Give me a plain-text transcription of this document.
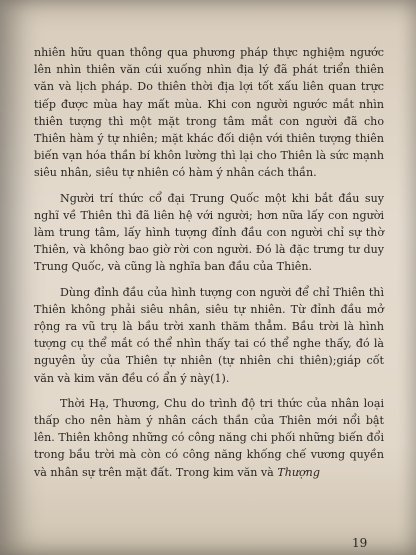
nhiên hữu quan thông qua phương pháp thực nghiệm ngước lên nhìn thiên văn cúi xuống nhìn địa lý đã phát triển thiên văn và lịch pháp. Do thiên thời địa lợi tốt xấu liên quan trực tiếp được mùa hay mất mùa. Khi con người ngước mắt nhìn thiên tượng thì một mặt trong tâm mắt con người đã cho Thiên hàm ý tự nhiên; mặt khác đối diện với thiên tượng thiên biến vạn hóa thần bí khôn lường thì lại cho Thiên là sức mạnh siêu nhân, siêu tự nhiên có hàm ý nhân cách thần.

Người trí thức cổ đại Trung Quốc một khi bắt đầu suy nghĩ về Thiên thì đã liên hệ với người; hơn nữa lấy con người làm trung tâm, lấy hình tượng đỉnh đầu con người chỉ sự thờ Thiên, và không bao giờ rời con người. Đó là đặc trưng tư duy Trung Quốc, và cũng là nghĩa ban đầu của Thiên.

Dùng đỉnh đầu của hình tượng con người để chỉ Thiên thì Thiên không phải siêu nhân, siêu tự nhiên. Từ đỉnh đầu mở rộng ra vũ trụ là bầu trời xanh thăm thẳm. Bầu trời là hình tượng cụ thể mắt có thể nhìn thấy tai có thể nghe thấy, đó là nguyên ủy của Thiên tự nhiên (tự nhiên chi thiên);giáp cốt văn và kim văn đều có ẩn ý này(1).

Thời Hạ, Thương, Chu do trình độ tri thức của nhân loại thấp cho nên hàm ý nhân cách thần của Thiên mới nổi bật lên. Thiên không những có công năng chi phối những biến đổi trong bầu trời mà còn có công năng khống chế vương quyền và nhân sự trên mặt đất. Trong kim văn và Thượng

19
